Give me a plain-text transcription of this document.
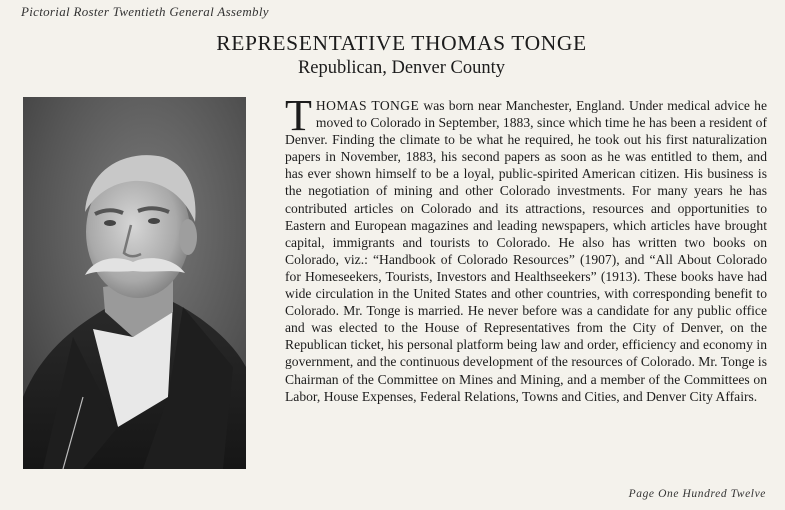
Pictorial Roster Twentieth General Assembly
REPRESENTATIVE THOMAS TONGE
Republican, Denver County
THOMAS TONGE was born near Manchester, England. Under medical advice he moved to Colorado in September, 1883, since which time he has been a resident of Denver. Finding the climate to be what he required, he took out his first naturalization papers in November, 1883, his second papers as soon as he was entitled to them, and has ever shown himself to be a loyal, public-spirited American citizen. His business is the negotiation of mining and other Colorado investments. For many years he has contributed articles on Colorado and its attractions, resources and opportunities to Eastern and European magazines and leading newspapers, which articles have brought capital, immigrants and tourists to Colorado. He also has written two books on Colorado, viz.: “Handbook of Colorado Resources” (1907), and “All About Colorado for Homeseekers, Tourists, Investors and Healthseekers” (1913). These books have had wide circulation in the United States and other countries, with corresponding benefit to Colorado. Mr. Tonge is married. He never before was a candidate for any public office and was elected to the House of Representatives from the City of Denver, on the Republican ticket, his personal platform being law and order, efficiency and economy in government, and the continuous development of the resources of Colorado. Mr. Tonge is Chairman of the Committee on Mines and Mining, and a member of the Committees on Labor, House Expenses, Federal Relations, Towns and Cities, and Denver City Affairs.
Page One Hundred Twelve
